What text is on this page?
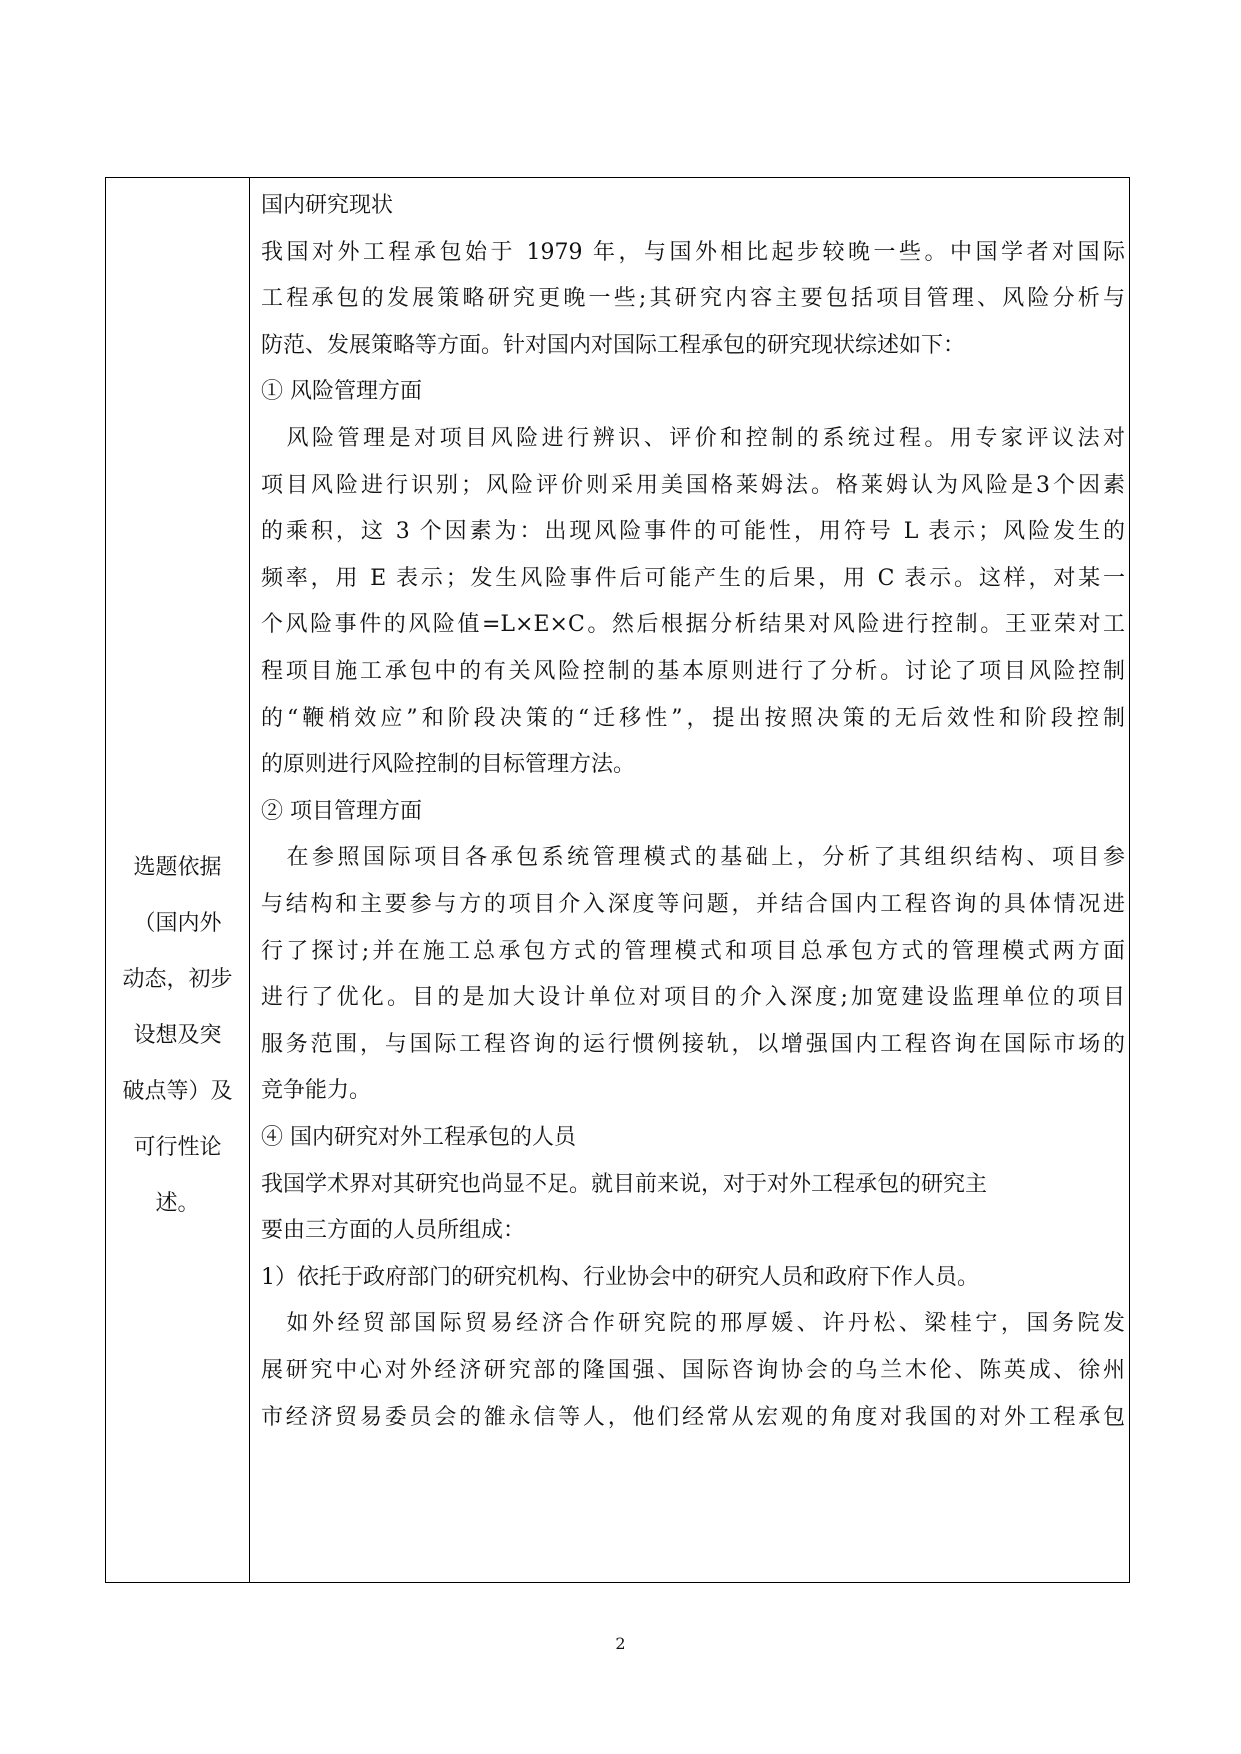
选题依据
（国内外
动态，初步
设想及突
破点等）及
可行性论
述。
国内研究现状
我国对外工程承包始于 1979 年，与国外相比起步较晚一些。中国学者对国际
工程承包的发展策略研究更晚一些;其研究内容主要包括项目管理、风险分析与
防范、发展策略等方面。针对国内对国际工程承包的研究现状综述如下：
① 风险管理方面
　风险管理是对项目风险进行辨识、评价和控制的系统过程。用专家评议法对
项目风险进行识别；风险评价则采用美国格莱姆法。格莱姆认为风险是3个因素
的乘积，这 3 个因素为：出现风险事件的可能性，用符号 L 表示；风险发生的
频率，用 E 表示；发生风险事件后可能产生的后果，用 C 表示。这样，对某一
个风险事件的风险值=L×E×C。然后根据分析结果对风险进行控制。王亚荣对工
程项目施工承包中的有关风险控制的基本原则进行了分析。讨论了项目风险控制
的“鞭梢效应”和阶段决策的“迁移性”，提出按照决策的无后效性和阶段控制
的原则进行风险控制的目标管理方法。
② 项目管理方面
　在参照国际项目各承包系统管理模式的基础上，分析了其组织结构、项目参
与结构和主要参与方的项目介入深度等问题，并结合国内工程咨询的具体情况进
行了探讨;并在施工总承包方式的管理模式和项目总承包方式的管理模式两方面
进行了优化。目的是加大设计单位对项目的介入深度;加宽建设监理单位的项目
服务范围，与国际工程咨询的运行惯例接轨，以增强国内工程咨询在国际市场的
竞争能力。
④ 国内研究对外工程承包的人员
我国学术界对其研究也尚显不足。就目前来说，对于对外工程承包的研究主
要由三方面的人员所组成：
1）依托于政府部门的研究机构、行业协会中的研究人员和政府下作人员。
　如外经贸部国际贸易经济合作研究院的邢厚媛、许丹松、梁桂宁，国务院发
展研究中心对外经济研究部的隆国强、国际咨询协会的乌兰木伦、陈英成、徐州
市经济贸易委员会的雒永信等人，他们经常从宏观的角度对我国的对外工程承包
2
